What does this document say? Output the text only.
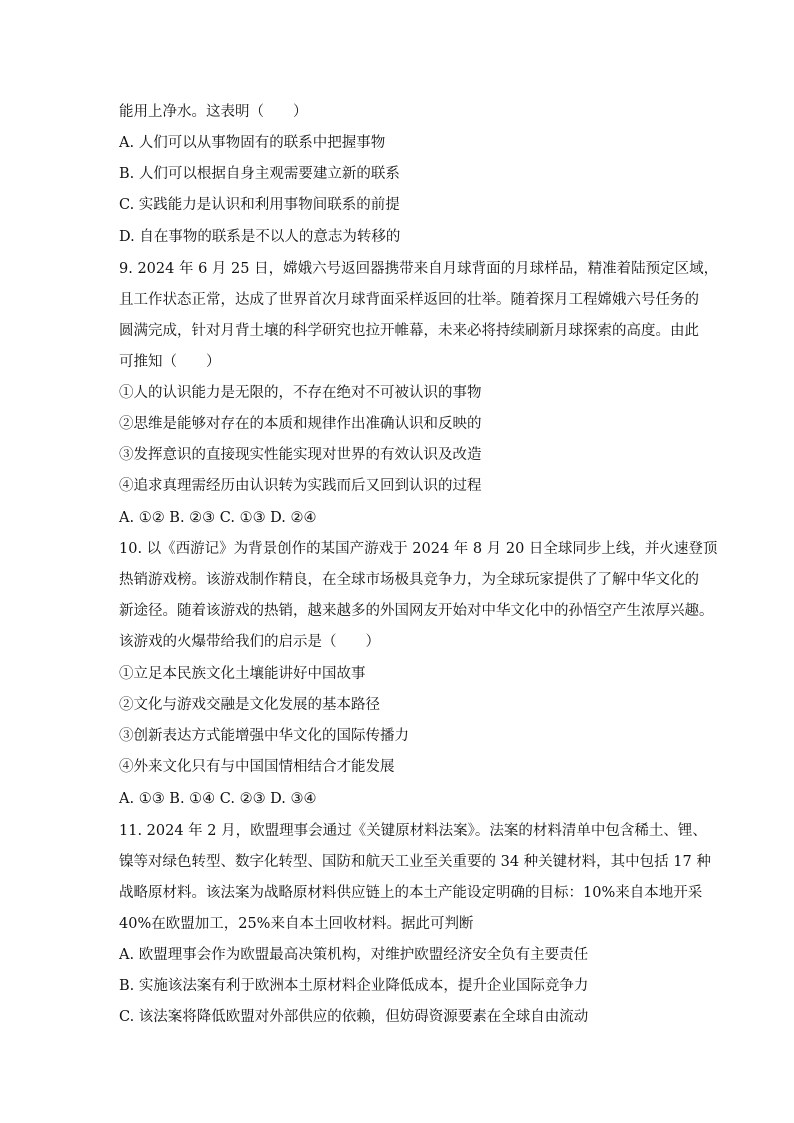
能用上净水。这表明（　　）
A. 人们可以从事物固有的联系中把握事物
B. 人们可以根据自身主观需要建立新的联系
C. 实践能力是认识和利用事物间联系的前提
D. 自在事物的联系是不以人的意志为转移的
9. 2024 年 6 月 25 日，嫦娥六号返回器携带来自月球背面的月球样品，精准着陆预定区域，
且工作状态正常，达成了世界首次月球背面采样返回的壮举。随着探月工程嫦娥六号任务的
圆满完成，针对月背土壤的科学研究也拉开帷幕，未来必将持续刷新月球探索的高度。由此
可推知（　　）
①人的认识能力是无限的，不存在绝对不可被认识的事物
②思维是能够对存在的本质和规律作出准确认识和反映的
③发挥意识的直接现实性能实现对世界的有效认识及改造
④追求真理需经历由认识转为实践而后又回到认识的过程
A. ①② B. ②③ C. ①③ D. ②④
10. 以《西游记》为背景创作的某国产游戏于 2024 年 8 月 20 日全球同步上线，并火速登顶
热销游戏榜。该游戏制作精良，在全球市场极具竞争力，为全球玩家提供了了解中华文化的
新途径。随着该游戏的热销，越来越多的外国网友开始对中华文化中的孙悟空产生浓厚兴趣。
该游戏的火爆带给我们的启示是（　　）
①立足本民族文化土壤能讲好中国故事
②文化与游戏交融是文化发展的基本路径
③创新表达方式能增强中华文化的国际传播力
④外来文化只有与中国国情相结合才能发展
A. ①③ B. ①④ C. ②③ D. ③④
11. 2024 年 2 月，欧盟理事会通过《关键原材料法案》。法案的材料清单中包含稀土、锂、
镍等对绿色转型、数字化转型、国防和航天工业至关重要的 34 种关键材料，其中包括 17 种
战略原材料。该法案为战略原材料供应链上的本土产能设定明确的目标：10%来自本地开采
40%在欧盟加工，25%来自本土回收材料。据此可判断
A. 欧盟理事会作为欧盟最高决策机构，对维护欧盟经济安全负有主要责任
B. 实施该法案有利于欧洲本土原材料企业降低成本，提升企业国际竞争力
C. 该法案将降低欧盟对外部供应的依赖，但妨碍资源要素在全球自由流动
